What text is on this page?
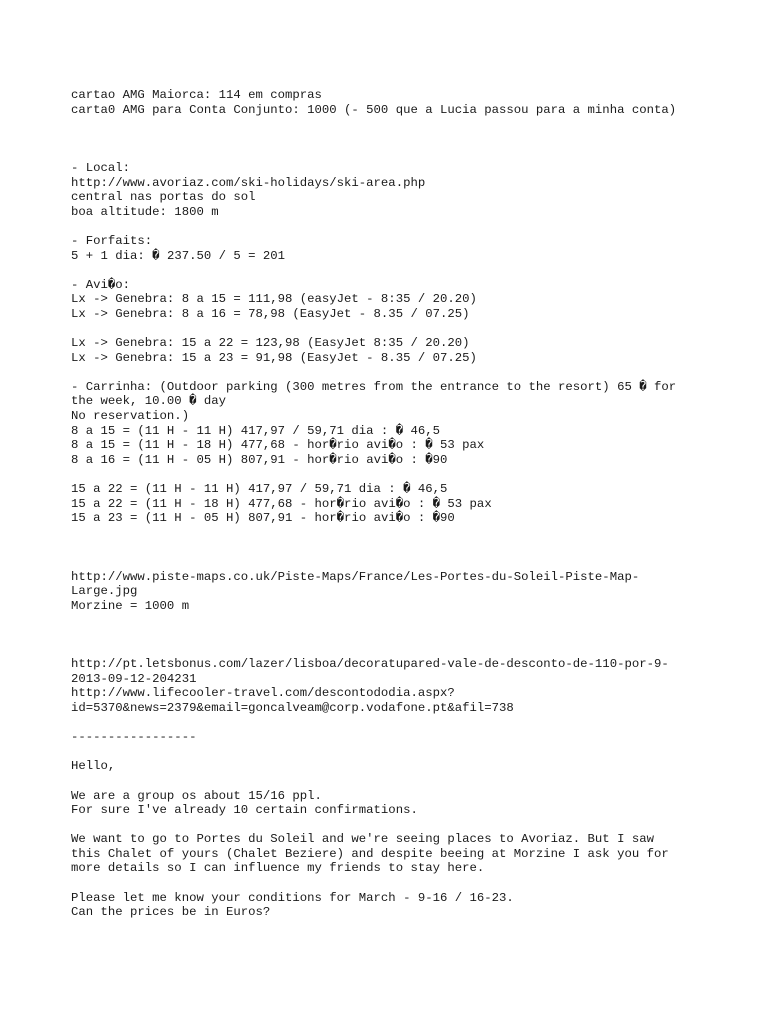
cartao AMG Maiorca: 114 em compras
carta0 AMG para Conta Conjunto: 1000 (- 500 que a Lucia passou para a minha conta)
- Local:
http://www.avoriaz.com/ski-holidays/ski-area.php
central nas portas do sol
boa altitude: 1800 m
- Forfaits:
5 + 1 dia: � 237.50 / 5 = 201
- Avi�o:
Lx -> Genebra: 8 a 15 = 111,98 (easyJet - 8:35 / 20.20)
Lx -> Genebra: 8 a 16 = 78,98 (EasyJet - 8.35 / 07.25)
Lx -> Genebra: 15 a 22 = 123,98 (EasyJet 8:35 / 20.20)
Lx -> Genebra: 15 a 23 = 91,98 (EasyJet - 8.35 / 07.25)
- Carrinha: (Outdoor parking (300 metres from the entrance to the resort) 65 � for
the week, 10.00 � day
No reservation.)
8 a 15 = (11 H - 11 H) 417,97 / 59,71 dia : � 46,5
8 a 15 = (11 H - 18 H) 477,68 - hor�rio avi�o : � 53 pax
8 a 16 = (11 H - 05 H) 807,91 - hor�rio avi�o : �90
15 a 22 = (11 H - 11 H) 417,97 / 59,71 dia : � 46,5
15 a 22 = (11 H - 18 H) 477,68 - hor�rio avi�o : � 53 pax
15 a 23 = (11 H - 05 H) 807,91 - hor�rio avi�o : �90
http://www.piste-maps.co.uk/Piste-Maps/France/Les-Portes-du-Soleil-Piste-Map-
Large.jpg
Morzine = 1000 m
http://pt.letsbonus.com/lazer/lisboa/decoratupared-vale-de-desconto-de-110-por-9-
2013-09-12-204231
http://www.lifecooler-travel.com/descontododia.aspx?
id=5370&news=2379&email=goncalveam@corp.vodafone.pt&afil=738
-----------------
Hello,
We are a group os about 15/16 ppl.
For sure I've already 10 certain confirmations.
We want to go to Portes du Soleil and we're seeing places to Avoriaz. But I saw
this Chalet of yours (Chalet Beziere) and despite beeing at Morzine I ask you for
more details so I can influence my friends to stay here.
Please let me know your conditions for March - 9-16 / 16-23.
Can the prices be in Euros?
